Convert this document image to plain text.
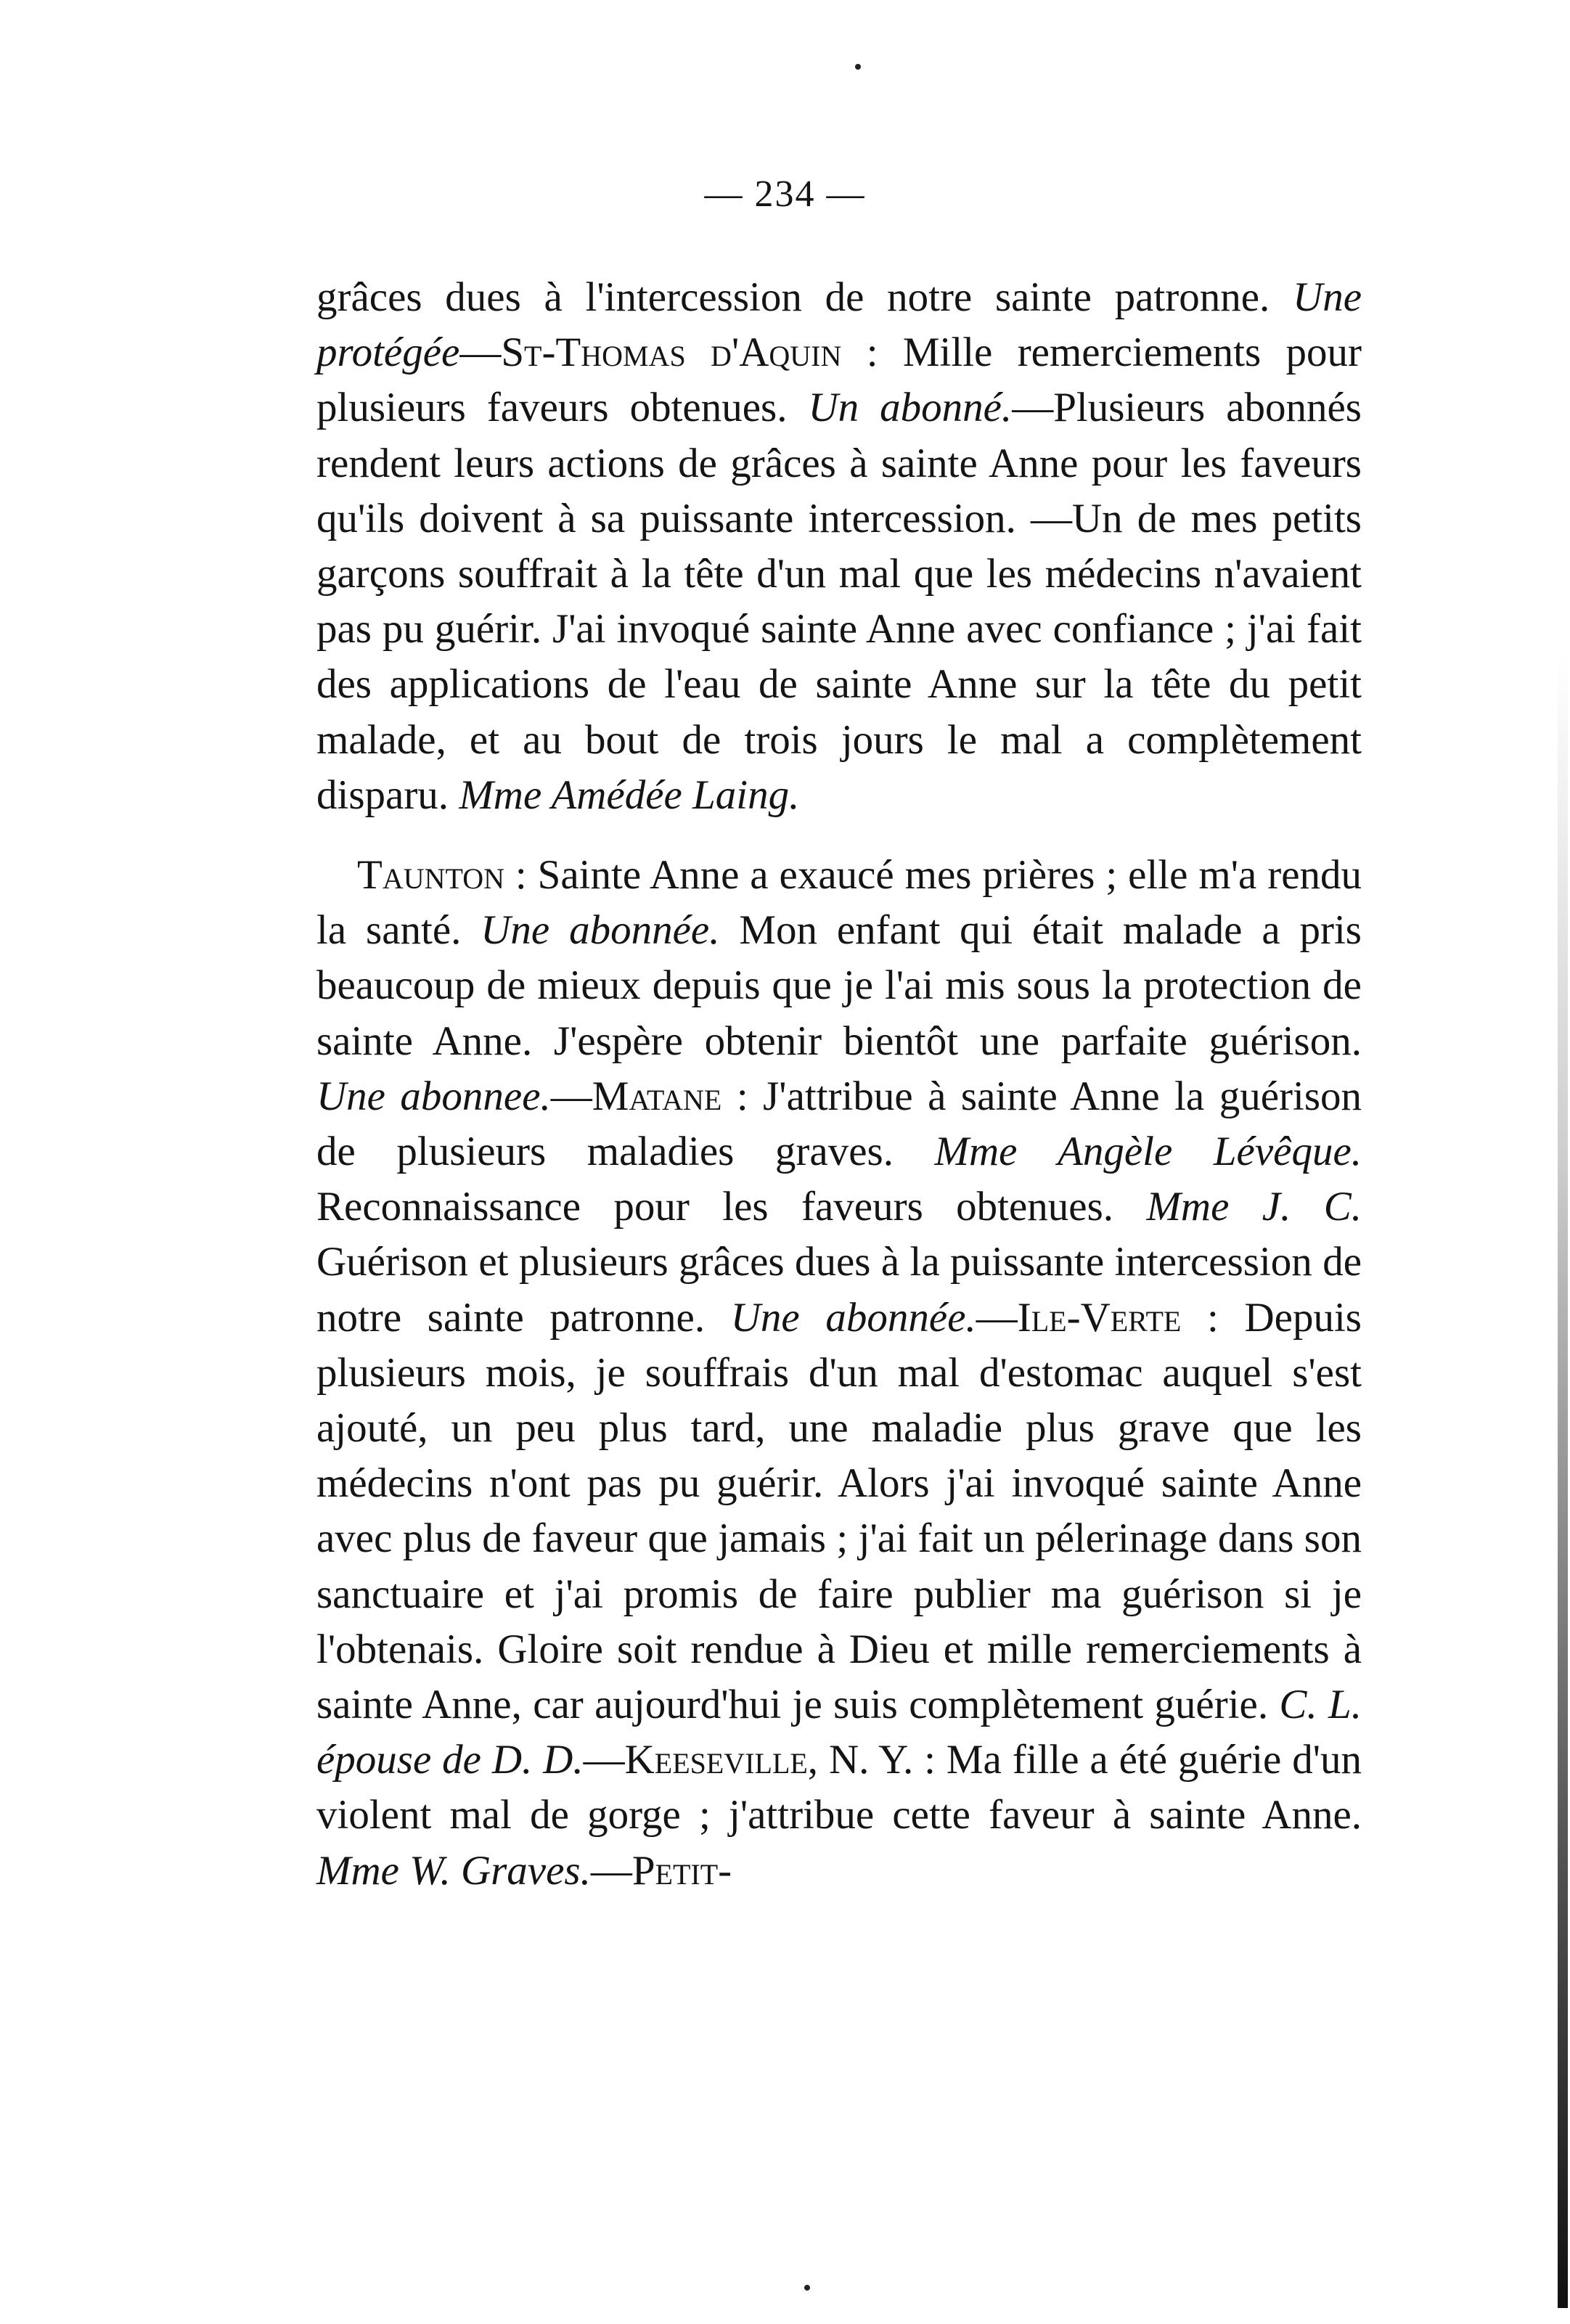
— 234 —

grâces dues à l'intercession de notre sainte patronne. Une protégée—St-Thomas d'Aquin : Mille remerciements pour plusieurs faveurs obtenues. Un abonné.—Plusieurs abonnés rendent leurs actions de grâces à sainte Anne pour les faveurs qu'ils doivent à sa puissante intercession. —Un de mes petits garçons souffrait à la tête d'un mal que les médecins n'avaient pas pu guérir. J'ai invoqué sainte Anne avec confiance ; j'ai fait des applications de l'eau de sainte Anne sur la tête du petit malade, et au bout de trois jours le mal a complètement disparu. Mme Amédée Laing.

Taunton : Sainte Anne a exaucé mes prières ; elle m'a rendu la santé. Une abonnée. Mon enfant qui était malade a pris beaucoup de mieux depuis que je l'ai mis sous la protection de sainte Anne. J'espère obtenir bientôt une parfaite guérison. Une abonnee.—Matane : J'attribue à sainte Anne la guérison de plusieurs maladies graves. Mme Angèle Lévêque. Reconnaissance pour les faveurs obtenues. Mme J. C. Guérison et plusieurs grâces dues à la puissante intercession de notre sainte patronne. Une abonnée.—Ile-Verte : Depuis plusieurs mois, je souffrais d'un mal d'estomac auquel s'est ajouté, un peu plus tard, une maladie plus grave que les médecins n'ont pas pu guérir. Alors j'ai invoqué sainte Anne avec plus de faveur que jamais ; j'ai fait un pélerinage dans son sanctuaire et j'ai promis de faire publier ma guérison si je l'obtenais. Gloire soit rendue à Dieu et mille remerciements à sainte Anne, car aujourd'hui je suis complètement guérie. C. L. épouse de D. D.—Keeseville, N. Y. : Ma fille a été guérie d'un violent mal de gorge ; j'attribue cette faveur à sainte Anne. Mme W. Graves.—Petit-
